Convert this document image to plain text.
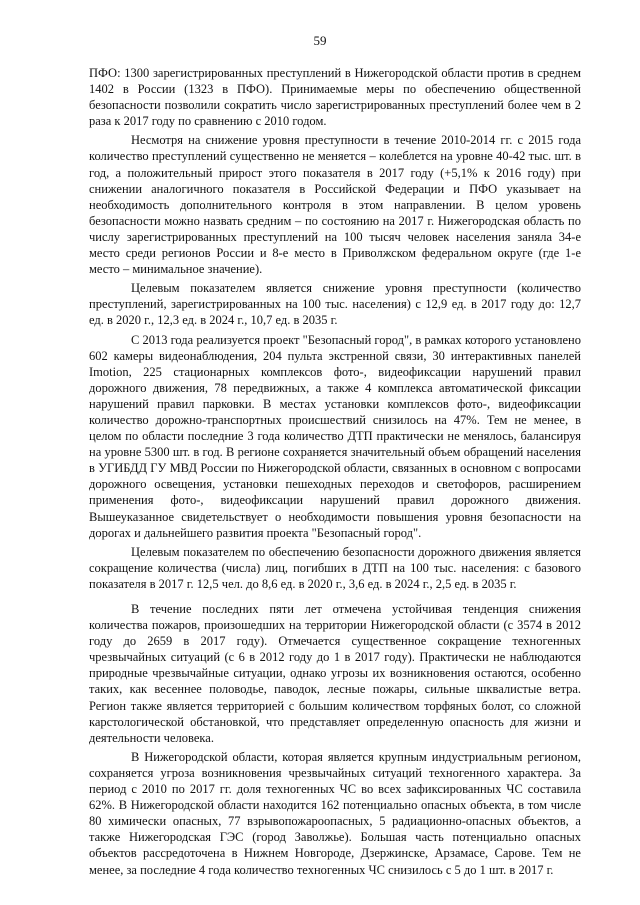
59

ПФО: 1300 зарегистрированных преступлений в Нижегородской области против в среднем 1402 в России (1323 в ПФО). Принимаемые меры по обеспечению общественной безопасности позволили сократить число зарегистрированных преступлений более чем в 2 раза к 2017 году по сравнению с 2010 годом.

Несмотря на снижение уровня преступности в течение 2010-2014 гг. с 2015 года количество преступлений существенно не меняется – колеблется на уровне 40-42 тыс. шт. в год, а положительный прирост этого показателя в 2017 году (+5,1% к 2016 году) при снижении аналогичного показателя в Российской Федерации и ПФО указывает на необходимость дополнительного контроля в этом направлении. В целом уровень безопасности можно назвать средним – по состоянию на 2017 г. Нижегородская область по числу зарегистрированных преступлений на 100 тысяч человек населения заняла 34-е место среди регионов России и 8-е место в Приволжском федеральном округе (где 1-е место – минимальное значение).

Целевым показателем является снижение уровня преступности (количество преступлений, зарегистрированных на 100 тыс. населения) с 12,9 ед. в 2017 году до: 12,7 ед. в 2020 г., 12,3 ед. в 2024 г., 10,7 ед. в 2035 г.

С 2013 года реализуется проект "Безопасный город", в рамках которого установлено 602 камеры видеонаблюдения, 204 пульта экстренной связи, 30 интерактивных панелей Imotion, 225 стационарных комплексов фото-, видеофиксации нарушений правил дорожного движения, 78 передвижных, а также 4 комплекса автоматической фиксации нарушений правил парковки. В местах установки комплексов фото-, видеофиксации количество дорожно-транспортных происшествий снизилось на 47%. Тем не менее, в целом по области последние 3 года количество ДТП практически не менялось, балансируя на уровне 5300 шт. в год. В регионе сохраняется значительный объем обращений населения в УГИБДД ГУ МВД России по Нижегородской области, связанных в основном с вопросами дорожного освещения, установки пешеходных переходов и светофоров, расширением применения фото-, видеофиксации нарушений правил дорожного движения. Вышеуказанное свидетельствует о необходимости повышения уровня безопасности на дорогах и дальнейшего развития проекта "Безопасный город".

Целевым показателем по обеспечению безопасности дорожного движения является сокращение количества (числа) лиц, погибших в ДТП на 100 тыс. населения: с базового показателя в 2017 г. 12,5 чел. до 8,6 ед. в 2020 г., 3,6 ед. в 2024 г., 2,5 ед. в 2035 г.

В течение последних пяти лет отмечена устойчивая тенденция снижения количества пожаров, произошедших на территории Нижегородской области (с 3574 в 2012 году до 2659 в 2017 году). Отмечается существенное сокращение техногенных чрезвычайных ситуаций (с 6 в 2012 году до 1 в 2017 году). Практически не наблюдаются природные чрезвычайные ситуации, однако угрозы их возникновения остаются, особенно таких, как весеннее половодье, паводок, лесные пожары, сильные шквалистые ветра. Регион также является территорией с большим количеством торфяных болот, со сложной карстологической обстановкой, что представляет определенную опасность для жизни и деятельности человека.

В Нижегородской области, которая является крупным индустриальным регионом, сохраняется угроза возникновения чрезвычайных ситуаций техногенного характера. За период с 2010 по 2017 гг. доля техногенных ЧС во всех зафиксированных ЧС составила 62%. В Нижегородской области находится 162 потенциально опасных объекта, в том числе 80 химически опасных, 77 взрывопожароопасных, 5 радиационно-опасных объектов, а также Нижегородская ГЭС (город Заволжье). Большая часть потенциально опасных объектов рассредоточена в Нижнем Новгороде, Дзержинске, Арзамасе, Сарове. Тем не менее, за последние 4 года количество техногенных ЧС снизилось с 5 до 1 шт. в 2017 г.
